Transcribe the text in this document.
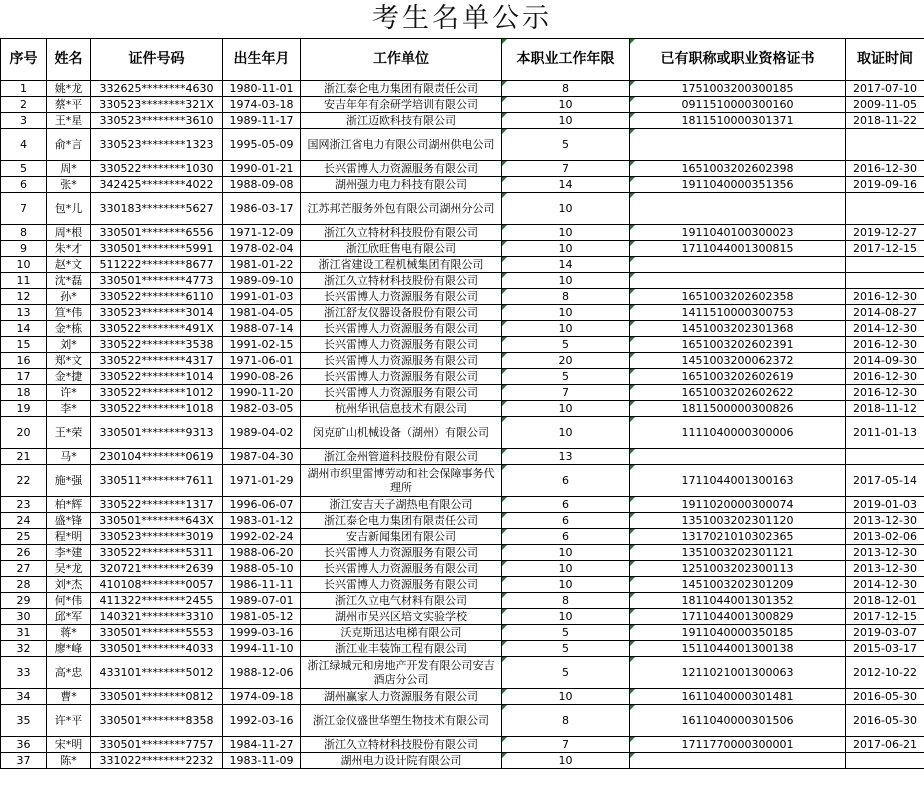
考生名单公示
序号	姓名	证件号码	出生年月	工作单位	本职业工作年限	已有职称或职业资格证书	取证时间
1	姚*龙	332625********4630	1980-11-01	浙江泰仑电力集团有限责任公司	8	1751003200300185	2017-07-10
2	蔡*平	330523********321X	1974-03-18	安吉年年有余研学培训有限公司	10	0911510000300160	2009-11-05
3	王*星	330523********3610	1989-11-17	浙江迈欧科技有限公司	10	1811510000301371	2018-11-22
4	俞*言	330523********1323	1995-05-09	国网浙江省电力有限公司湖州供电公司	5		
5	周*	330522********1030	1990-01-21	长兴雷博人力资源服务有限公司	7	1651003202602398	2016-12-30
6	张*	342425********4022	1988-09-08	湖州强力电力科技有限公司	14	1911040000351356	2019-09-16
7	包*儿	330183********5627	1986-03-17	江苏邦芒服务外包有限公司湖州分公司	10		
8	周*根	330501********6556	1971-12-09	浙江久立特材科技股份有限公司	10	1911040100300023	2019-12-27
9	朱*才	330501********5991	1978-02-04	浙江欣旺售电有限公司	10	1711044001300815	2017-12-15
10	赵*文	511222********8677	1981-01-22	浙江省建设工程机械集团有限公司	14		
11	沈*磊	330501********4773	1989-09-10	浙江久立特材科技股份有限公司	10		
12	孙*	330522********6110	1991-01-03	长兴雷博人力资源服务有限公司	8	1651003202602358	2016-12-30
13	笪*伟	330523********3014	1981-04-05	浙江舒友仪器设备股份有限公司	10	1411510000300753	2014-08-27
14	金*栋	330522********491X	1988-07-14	长兴雷博人力资源服务有限公司	10	1451003202301368	2014-12-30
15	刘*	330522********3538	1991-02-15	长兴雷博人力资源服务有限公司	5	1651003202602391	2016-12-30
16	郑*文	330522********4317	1971-06-01	长兴雷博人力资源服务有限公司	20	1451003200062372	2014-09-30
17	金*捷	330522********1014	1990-08-26	长兴雷博人力资源服务有限公司	5	1651003202602619	2016-12-30
18	许*	330522********1012	1990-11-20	长兴雷博人力资源服务有限公司	7	1651003202602622	2016-12-30
19	李*	330522********1018	1982-03-05	杭州华讯信息技术有限公司	10	1811500000300826	2018-11-12
20	王*荣	330501********9313	1989-04-02	闵克矿山机械设备（湖州）有限公司	10	1111040000300006	2011-01-13
21	马*	230104********0619	1987-04-30	浙江金州管道科技股份有限公司	13		
22	施*强	330511********7611	1971-01-29	湖州市织里雷博劳动和社会保障事务代理所	6	1711044001300163	2017-05-14
23	柏*辉	330522********1317	1996-06-07	浙江安吉天子湖热电有限公司	6	1911020000300074	2019-01-03
24	盛*锋	330501********643X	1983-01-12	浙江泰仑电力集团有限责任公司	6	1351003202301120	2013-12-30
25	程*明	330523********3019	1992-02-24	安吉新闻集团有限公司	6	1317021010302365	2013-02-06
26	李*建	330522********5311	1988-06-20	长兴雷博人力资源服务有限公司	10	1351003202301121	2013-12-30
27	吴*龙	320721********2639	1988-05-10	长兴雷博人力资源服务有限公司	10	1251003202300113	2013-12-30
28	刘*杰	410108********0057	1986-11-11	长兴雷博人力资源服务有限公司	10	1451003202301209	2014-12-30
29	何*伟	411322********2455	1989-07-01	浙江久立电气材料有限公司	8	1811044001301352	2018-12-01
30	邱*军	140321********3310	1981-05-12	湖州市吴兴区培文实验学校	10	1711044001300829	2017-12-15
31	蒋*	330501********5553	1999-03-16	沃克斯迅达电梯有限公司	5	1911040000350185	2019-03-07
32	廖*峰	330501********4033	1994-11-10	浙江业丰装饰工程有限公司	5	1511044001300138	2015-03-17
33	高*忠	433101********5012	1988-12-06	浙江绿城元和房地产开发有限公司安吉酒店分公司	5	1211021001300063	2012-10-22
34	曹*	330501********0812	1974-09-18	湖州赢家人力资源服务有限公司	10	1611040000301481	2016-05-30
35	许*平	330501********8358	1992-03-16	浙江金仪盛世华塑生物技术有限公司	8	1611040000301506	2016-05-30
36	宋*明	330501********7757	1984-11-27	浙江久立特材科技股份有限公司	7	1711770000300001	2017-06-21
37	陈*	331022********2232	1983-11-09	湖州电力设计院有限公司	10		
